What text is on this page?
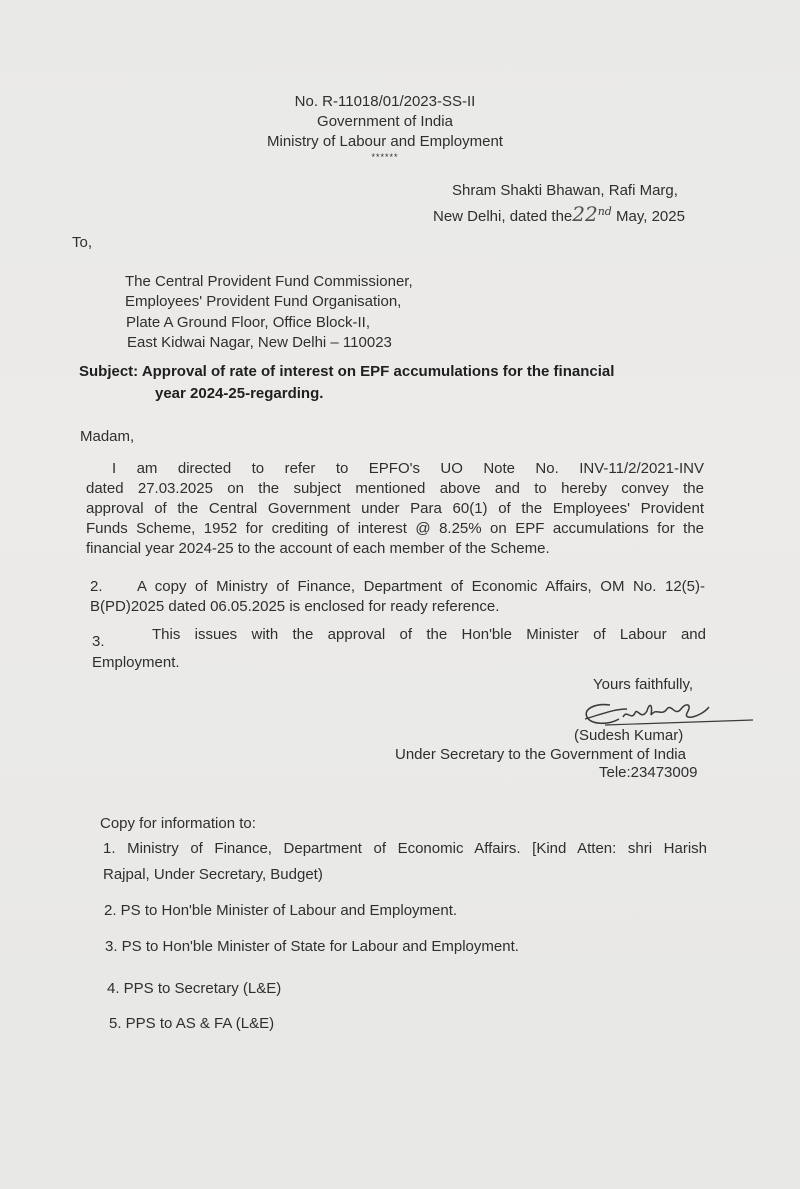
No. R-11018/01/2023-SS-II
Government of India
Ministry of Labour and Employment
******
Shram Shakti Bhawan, Rafi Marg,
New Delhi, dated the22nd May, 2025
To,
The Central Provident Fund Commissioner,
Employees' Provident Fund Organisation,
Plate A Ground Floor, Office Block-II,
East Kidwai Nagar, New Delhi – 110023
Subject: Approval of rate of interest on EPF accumulations for the financial
year 2024-25-regarding.
Madam,
I am directed to refer to EPFO's UO Note No. INV-11/2/2021-INV
dated 27.03.2025 on the subject mentioned above and to hereby convey the
approval of the Central Government under Para 60(1) of the Employees' Provident
Funds Scheme, 1952 for crediting of interest @ 8.25% on EPF accumulations for the
financial year 2024-25 to the account of each member of the Scheme.
2. A copy of Ministry of Finance, Department of Economic Affairs, OM No. 12(5)-
B(PD)2025 dated 06.05.2025 is enclosed for ready reference.
3.	This issues with the approval of the Hon'ble Minister of Labour and
Employment.
Yours faithfully,
(Sudesh Kumar)
Under Secretary to the Government of India
Tele:23473009
Copy for information to:
1. Ministry of Finance, Department of Economic Affairs. [Kind Atten: shri Harish
Rajpal, Under Secretary, Budget)
2. PS to Hon'ble Minister of Labour and Employment.
3. PS to Hon'ble Minister of State for Labour and Employment.
4. PPS to Secretary (L&E)
5. PPS to AS & FA (L&E)
